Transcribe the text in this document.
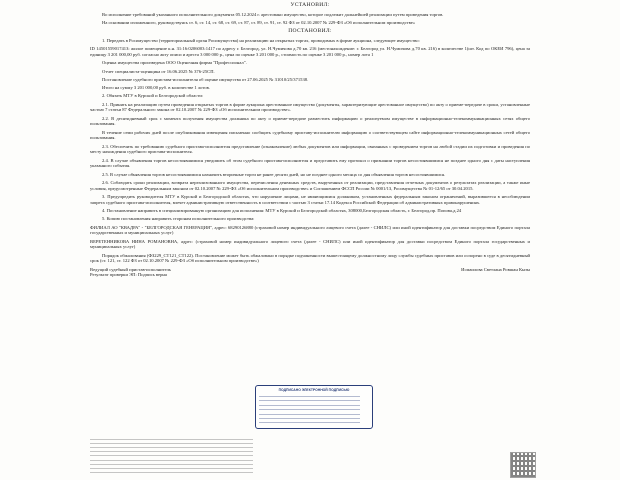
УСТАНОВИЛ:

Во исполнение требований указанного исполнительного документа 05.12.2024 г. арестовано имущество, которое подлежит дальнейшей реализации путем проведения торгов.

На основании изложенного, руководствуясь ст. 6, ст. 14, ст. 68, ст. 69, ст. 87, ст. 89, ст. 91, ст. 92 ФЗ от 02.10.2007 № 229-ФЗ «Об исполнительном производстве»

ПОСТАНОВИЛ:

1. Передать в Росимущество (территориальный орган Росимущества) на реализацию на открытых торгах, проводимых в форме аукциона, следующее имущество:

ID 1450155901741З: жилое помещение к.н. 31:16:0206003:1417 по адресу г. Белгород, ул. Н.Чумичова д.70 кв. 216 (местонахождение: г. Белгород ул. Н.Чумичова д.70 кв. 216) в количестве 1(шт. Код по ОКЕИ 796), цена за единицу 3 201 000,00 руб. согласно акту описи и ареста 3 000 000 р., цена по оценке 3 201 000 р., стоимость по оценке 3 201 000 р., номер лота 1

Оценка имущества произведена ООО Оценочная фирма "Профессионал".

Отчет специалиста-оценщика от 16.06.2025 № 376-25СП.

Постановление судебного пристава-исполнителя об оценке имущества от 27.06.2025 № 31010/25/371538.

Итого на сумму 3 201 000,00 руб. в количестве 1 лотов.

2. Обязать МТУ в Курской и Белгородской области:

2.1. Принять на реализацию путем проведения открытых торгов в форме аукциона арестованное имущество (документы, характеризующие арестованное имущество) по акту о приеме-передаче в сроки, установленные частью 7 статьи 87 Федерального закона от 02.10.2007 № 229-ФЗ «Об исполнительном производстве».

2.2. В десятидневный срок с момента получения имущества должника по акту о приеме-передаче разместить информацию о реализуемом имуществе в информационно-телекоммуникационных сетях общего пользования.

В течение семи рабочих дней после опубликования извещения письменно сообщить судебному приставу-исполнителю информацию о соответствующем сайте информационно-телекоммуникационных сетей общего пользования.

2.3. Обеспечить по требованию судебного пристава-исполнителя представление (ознакомление) любых документов или информации, связанных с проведением торгов на любой стадии их подготовки и проведения по месту нахождения судебного пристава-исполнителя.

2.4. В случае объявления торгов несостоявшимися уведомить об этом судебного пристава-исполнителя и представить ему протокол о признании торгов несостоявшимися не позднее одного дня с даты наступления указанного события.

2.5. В случае объявления торгов несостоявшимися назначить вторичные торги не ранее десяти дней, но не позднее одного месяца со дня объявления торгов несостоявшимися.

2.6. Соблюдать сроки реализации, возврата нереализованного имущества, перечисления денежных средств, вырученных от реализации, представления отчетных документов о результатах реализации, а также иные условия, предусмотренные Федеральным законом от 02.10.2007 № 229-ФЗ «Об исполнительном производстве» и Соглашением ФССП России № 0001/13, Росимущества № 01-12/65 от 30.04.2015.

3. Предупредить руководителя МТУ в Курской и Белгородской областях, что нарушение лицами, не являющимися должником, установленных федеральным законом ограничений, выразившееся в несоблюдении запрета судебного пристава-исполнителя, влечет административную ответственность в соответствии с частью 3 статьи 17.14 Кодекса Российской Федерации об административных правонарушениях.

4. Постановление направить в специализированную организацию для исполнения: МТУ в Курской и Белгородской областях, 308000,Белгородская область, г. Белгород,пр. Попова,д.24

5. Копию постановления направить сторонам исполнительного производства:

ФИЛИАЛ АО "КВАДРА" - "БЕЛГОРОДСКАЯ ГЕНЕРАЦИЯ", адрес: 68290126880 (страховой номер индивидуального лицевого счета (далее - СНИЛС) или иной идентификатор для доставки посредством Единого портала государственных и муниципальных услуг)

ВЕРЕТЕННИКОВА НИНА РОМАНОВНА, адрес: (страховой номер индивидуального лицевого счета (далее - СНИЛС) или иной идентификатор для доставки посредством Единого портала государственных и муниципальных услуг)

Порядок обжалования (ФЗ229_СТ121_СТ122). Постановление может быть обжаловано в порядке подчиненности вышестоящему должностному лицу службы судебных приставов или оспорено в суде в десятидневный срок (ст. 121, ст. 122 ФЗ от 02.10.2007 № 229-ФЗ «Об исполнительном производстве»)

Ведущий судебный пристав-исполнитель	Исмаилова Светлана Ровшан Кызы

Результат проверки ЭП: Подпись верна

ПОДПИСАНО ЭЛЕКТРОННОЙ ПОДПИСЬЮ
